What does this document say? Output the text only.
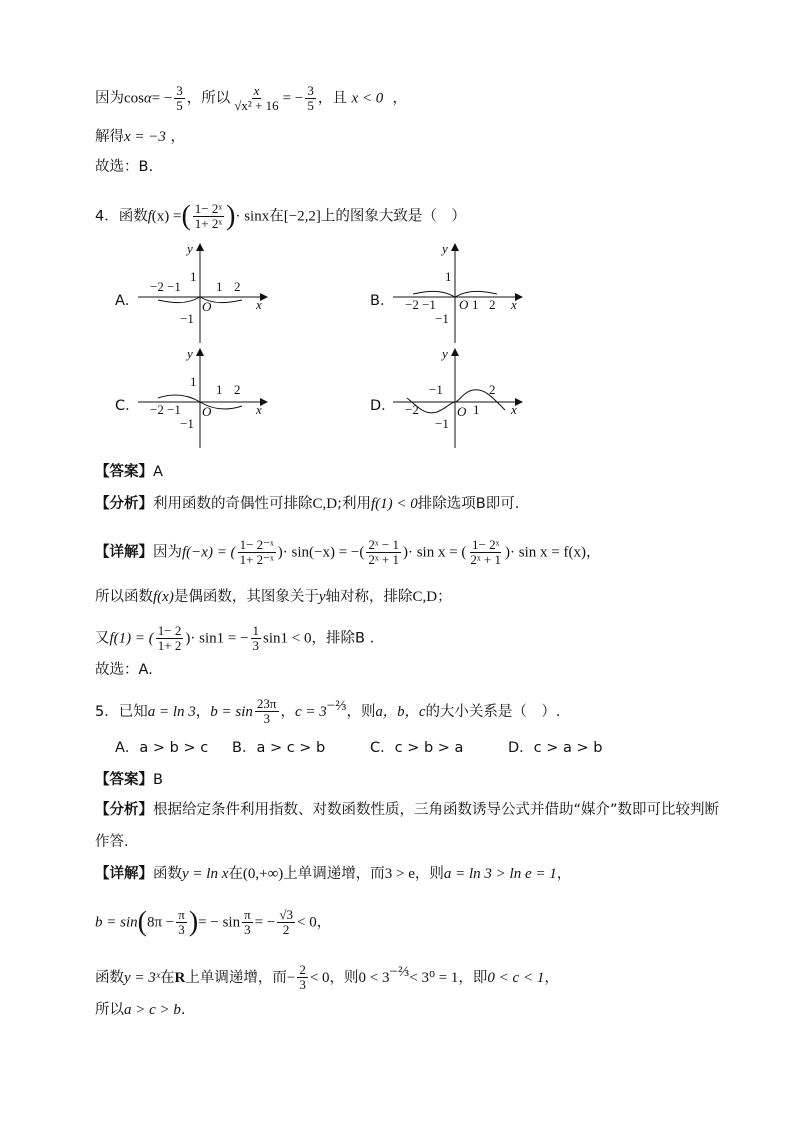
因为$\cos\alpha= - \frac{3}{5}$ ，所以 $\frac{x}{\text{√x² + 16}}$ = − $\frac{3}{5}$ ，且 x < 0 ，
解得x = −3 ，
故选：B.
4．函数f(x) =( $\frac{\text{1− 2ˣ}}{\text{1+ 2ˣ}}$ )· sinx在[−2,2]上的图象大致是（　）
A．	B．
C．	D．
y
x
1
−2 −1	1 2
O
−1
y
x
1
−2 −1 O 1 2
−1
y
x
1
1 2
−2 −1 O
−1
y
x
−1	2
−2	O 1
−1
【答案】A
【分析】利用函数的奇偶性可排除C,D;利用f(1) < 0排除选项B即可.
【详解】因为f(−x) = ( $\frac{\text{1− 2⁻ˣ}}{\text{1+ 2⁻ˣ}}$ )· sin(−x) = −( $\frac{\text{2ˣ − 1}}{\text{2ˣ + 1}}$ )· sin x = ( $\frac{\text{1− 2ˣ}}{\text{2ˣ + 1}}$ )· sin x = f(x)，
所以函数f(x)是偶函数，其图象关于y轴对称，排除C,D；
又f(1) = ( $\frac{1- 2}{1+ 2}$ )· sin1 = − $\frac{1}{3} \sin 1 < 0$，排除B .
故选：A.
5．已知a = ln 3，$b = \sin \frac{23\pi}{3}$ ，$c = 3^{-\frac{2}{3}}$，则a，b，c的大小关系是（　）.
A．a > b > c B．a > c > b	C．c > b > a	D．c > a > b
【答案】B
【分析】根据给定条件利用指数、对数函数性质，三角函数诱导公式并借助“媒介”数即可比较判断
作答.
【详解】函数y = ln x在(0,+∞)上单调递增，而3 > e，则a = ln 3 > ln e = 1，
$b = \sin(8\pi - \frac{\pi}{3}$ )= − $\sin \frac{\pi}{3}$ = − $\frac{√3}{2} < 0$，
函数y = 3ˣ在R上单调递增，而− $\frac{2}{3} < 0$，则$0 < 3^{-\frac{2}{3}}< 3^0 = 1$，即0 < c < 1，
所以a > c > b.
